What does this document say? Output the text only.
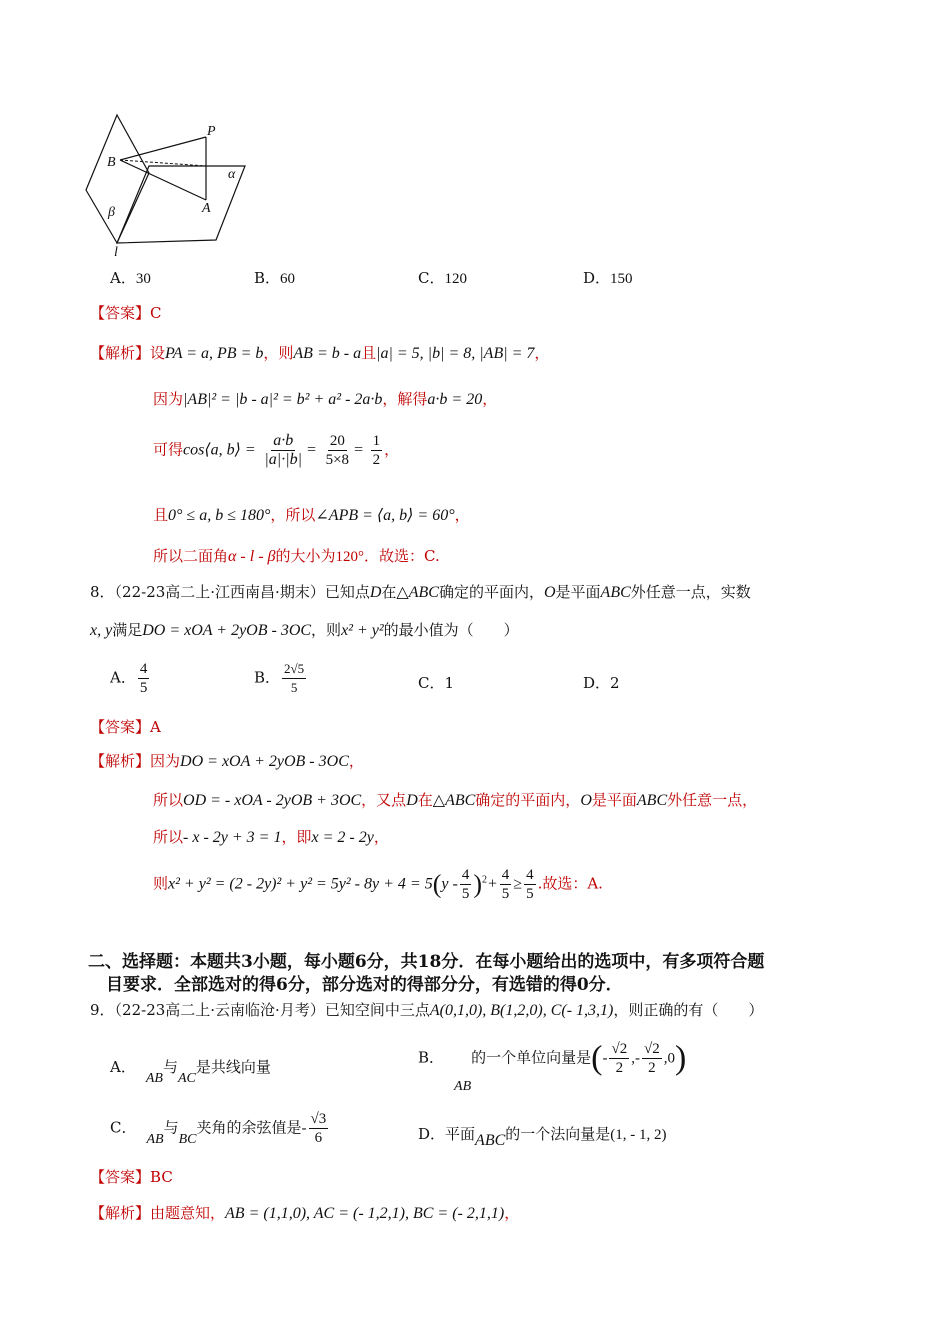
P
B
A
α
β
l
A．30	B．60	C．120	D．150
【答案】C
【解析】设PA = a, PB = b，则AB = b - a且|a| = 5, |b| = 8, |AB| = 7，
因为|AB|² = |b - a|² = b² + a² - 2a·b，解得a·b = 20，
可得cos⟨a, b⟩ = $\frac{a\cdot b}{|a|\cdot|b|} = \frac{20}{5\times 8} = \frac{1}{2}$ ，
且0° ≤ a, b ≤ 180°，所以∠APB = ⟨a, b⟩ = 60°，
所以二面角α - l - β的大小为120°．故选：C.
8．（22-23高二上·江西南昌·期末）已知点D在△ABC确定的平面内，O是平面ABC外任意一点，实数
x, y满足DO = xOA + 2yOB - 3OC，则x² + y²的最小值为（　　）
A． $\frac{4}{5}$	B． $\frac{2√5}{5}$	C．1	D．2
【答案】A
【解析】因为DO = xOA + 2yOB - 3OC，
所以OD = - xOA - 2yOB + 3OC，又点D在△ABC确定的平面内，O是平面ABC外任意一点，
所以- x - 2y + 3 = 1，即x = 2 - 2y，
则$x^2 + y^2 = (2 - 2y)^2 + y^2 = 5y^2 - 8y + 4 = 5(y - \frac{4}{5} )^2+ \frac{4}{5} \ge \frac{4}{5}$ .故选：A.
二、选择题：本题共3小题，每小题6分，共18分．在每小题给出的选项中，有多项符合题
目要求．全部选对的得6分，部分选对的得部分分，有选错的得0分．
9．（22-23高二上·云南临沧·月考）已知空间中三点A(0,1,0), B(1,2,0), C(- 1,3,1)，则正确的有（　　）
A．AB与AC是共线向量
B．AB的一个单位向量是(- $\frac{√2}{2}$ ,- $\frac{√2}{2} ,0$)
C．AB与BC夹角的余弦值是- $\frac{√3}{6}$	D．平面ABC的一个法向量是(1, - 1, 2)
【答案】BC
【解析】由题意知，AB = (1,1,0), AC = (- 1,2,1), BC = (- 2,1,1)，
